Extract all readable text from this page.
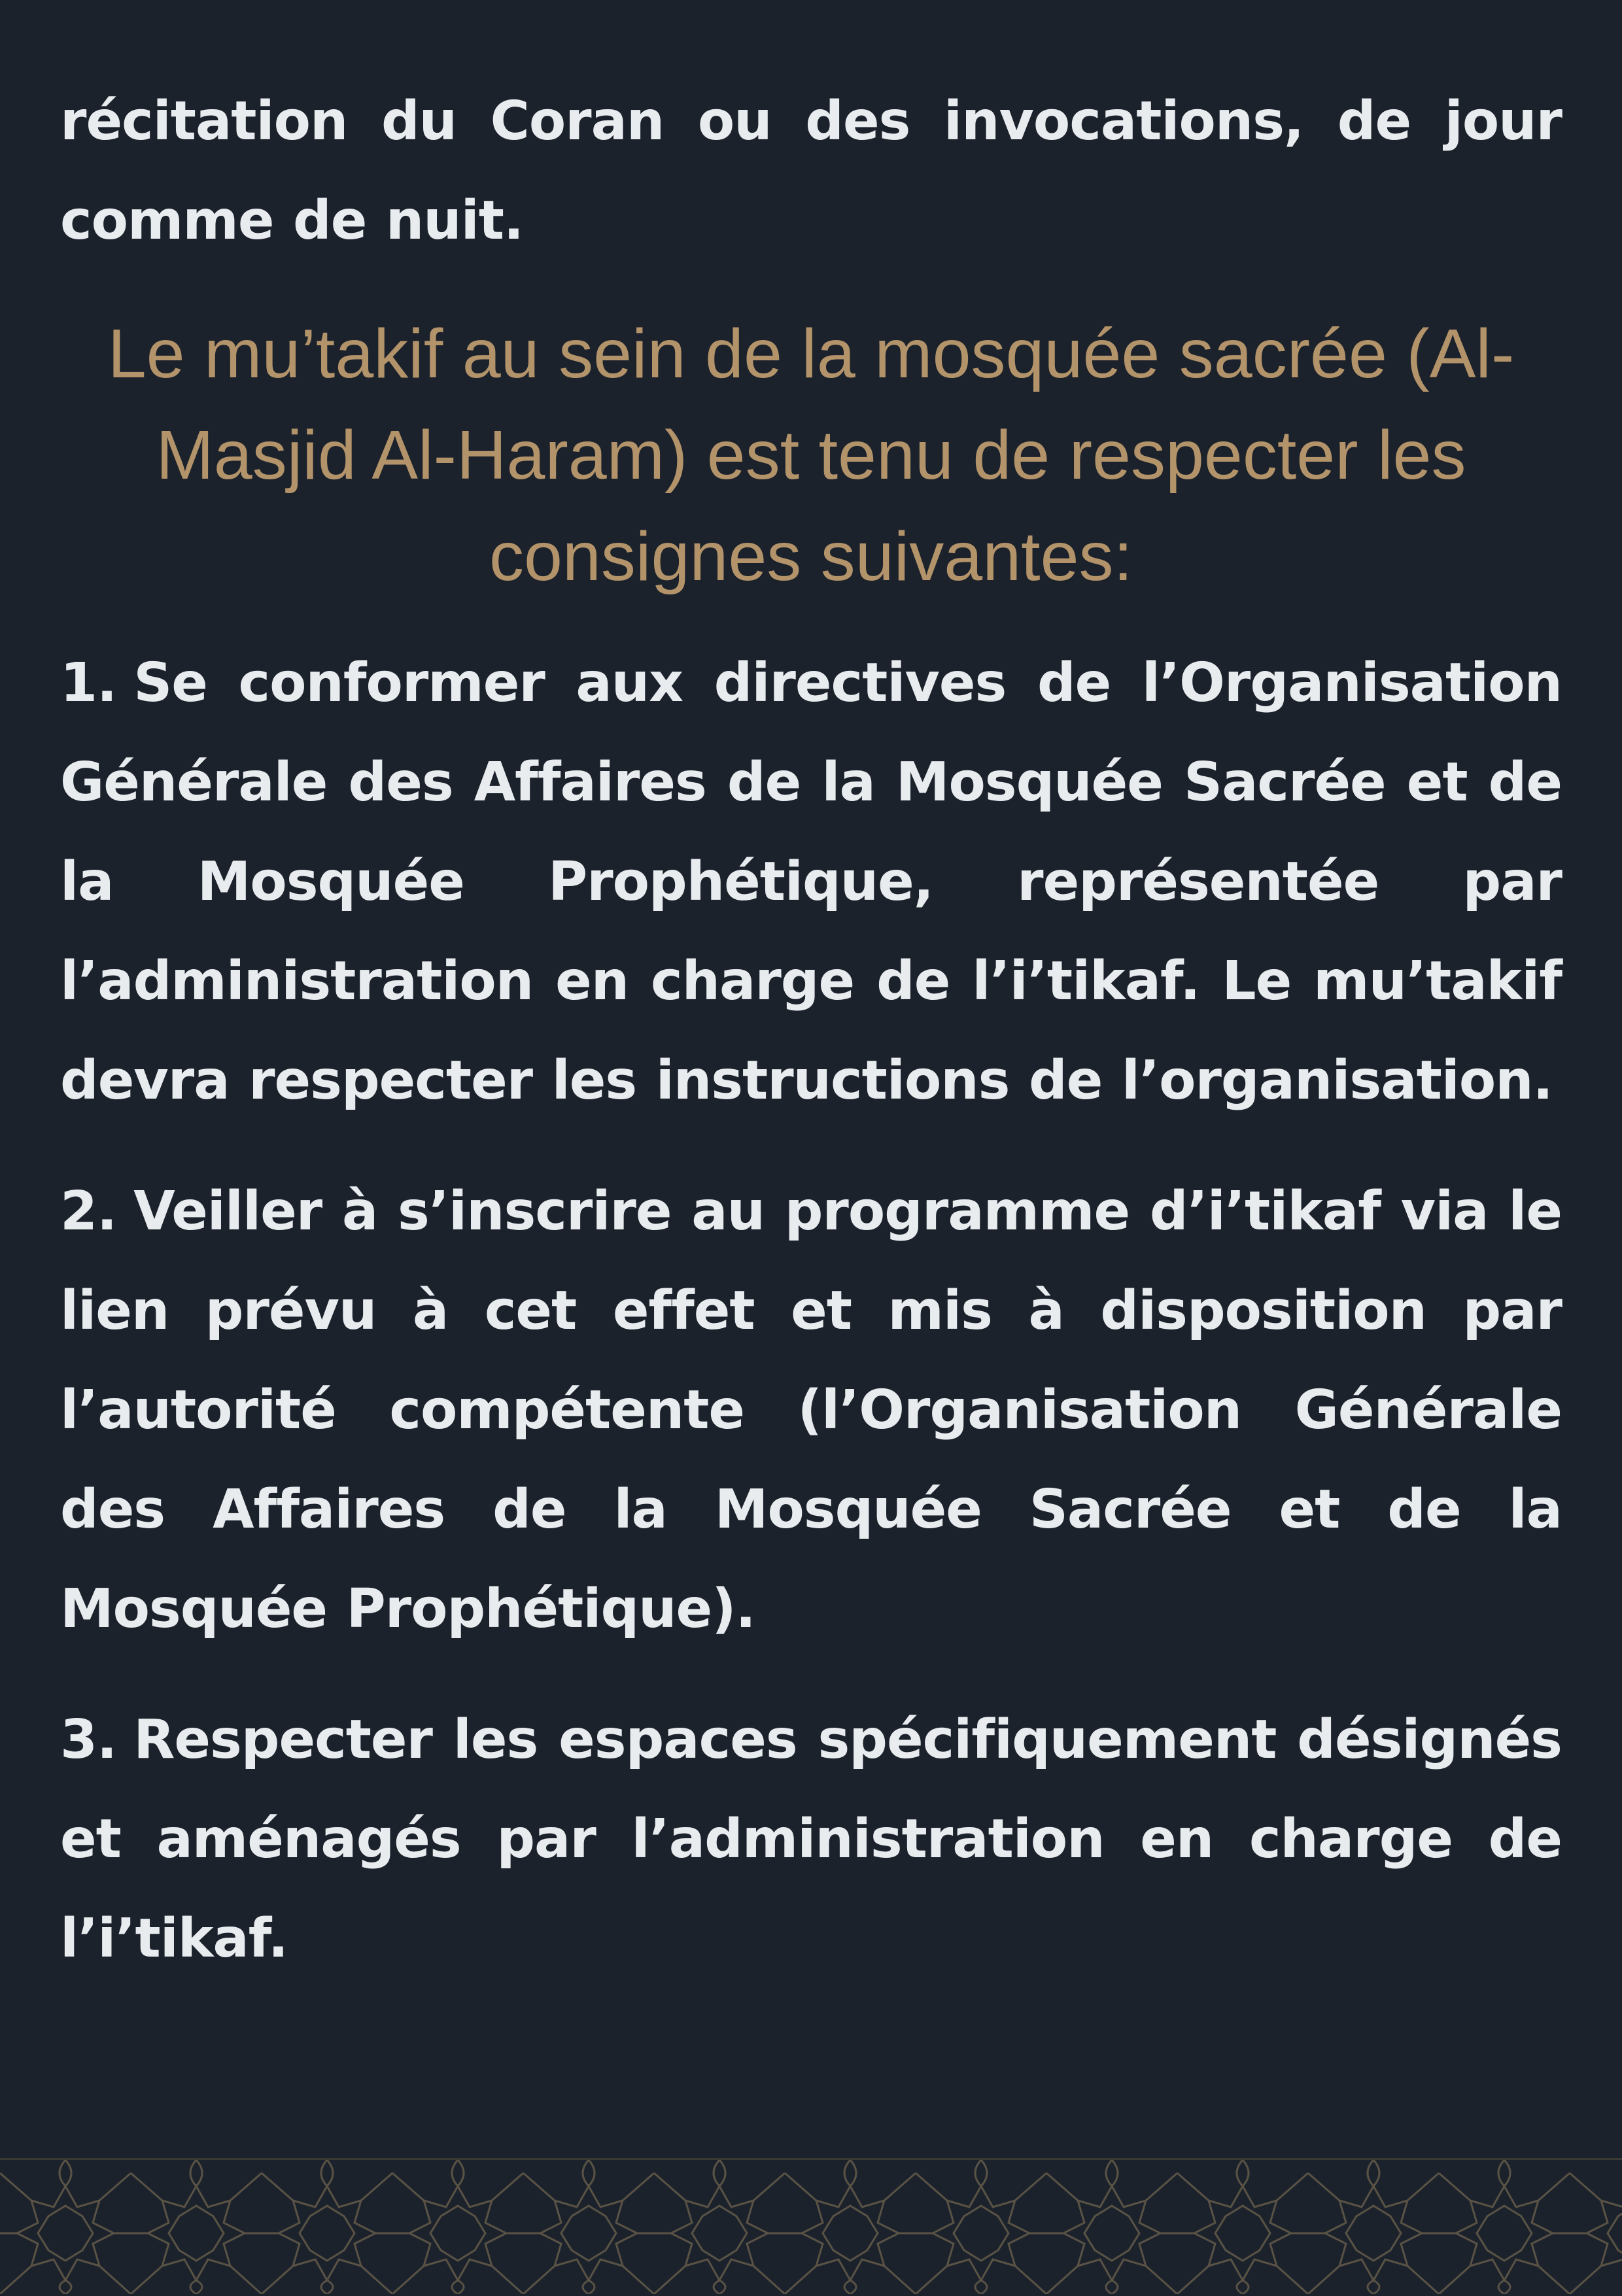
récitation du Coran ou des invocations, de jour comme de nuit.

Le mu’takif au sein de la mosquée sacrée (Al-Masjid Al-Haram) est tenu de respecter les consignes suivantes:

1. Se conformer aux directives de l’Organisation Générale des Affaires de la Mosquée Sacrée et de la Mosquée Prophétique, représentée par l’administration en charge de l’i’tikaf. Le mu’takif devra respecter les instructions de l’organisation.

2. Veiller à s’inscrire au programme d’i’tikaf via le lien prévu à cet effet et mis à disposition par l’autorité compétente (l’Organisation Générale des Affaires de la Mosquée Sacrée et de la Mosquée Prophétique).

3. Respecter les espaces spécifiquement désignés et aménagés par l’administration en charge de l’i’tikaf.
